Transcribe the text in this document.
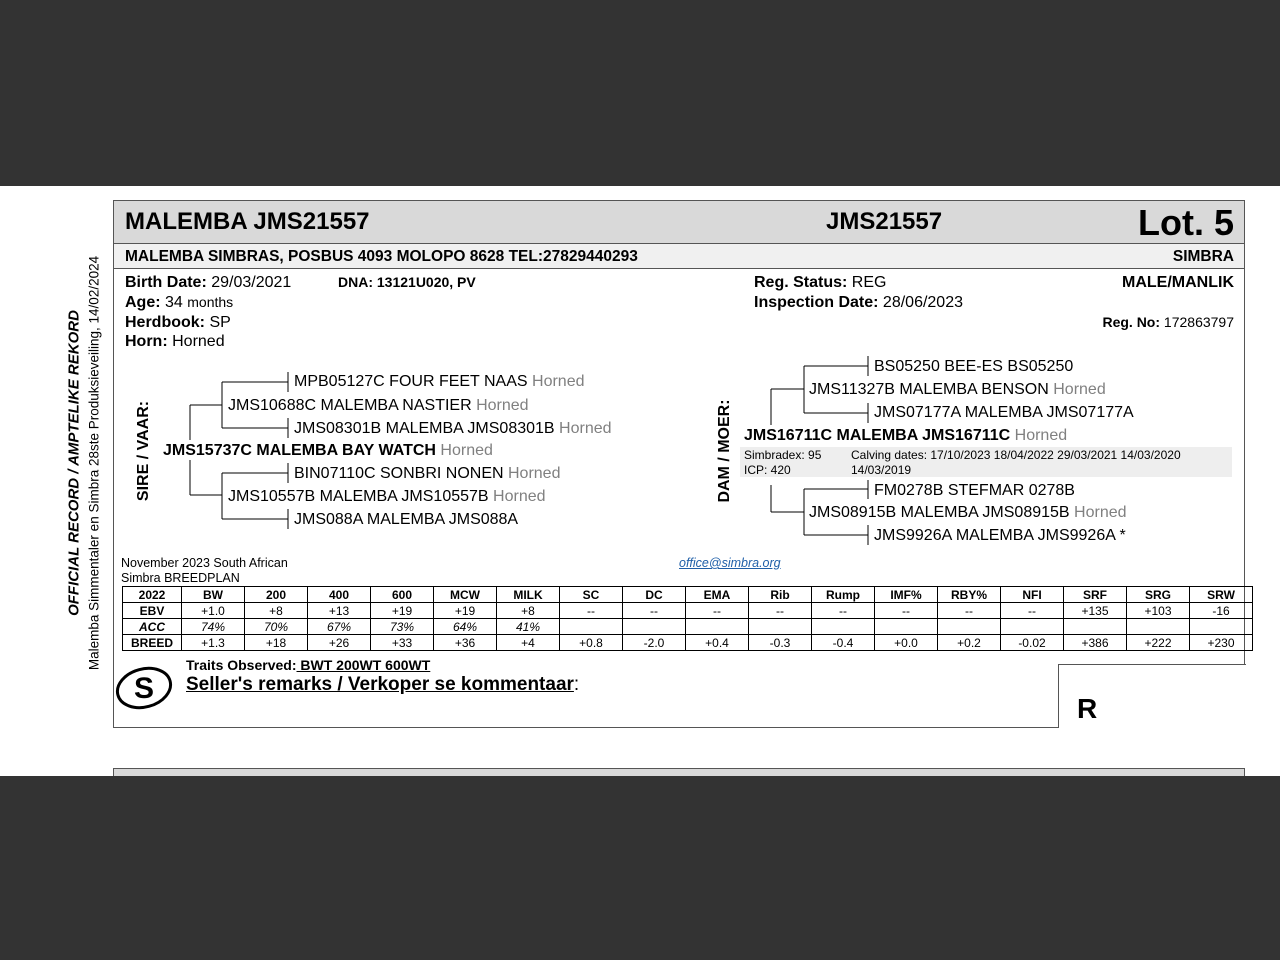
OFFICIAL RECORD / AMPTELIKE REKORD Malemba Simmentaler en Simbra 28ste Produksieveiling, 14/02/2024
MALEMBA JMS21557	JMS21557	Lot. 5
MALEMBA SIMBRAS, POSBUS 4093 MOLOPO 8628 TEL:27829440293	SIMBRA
Birth Date: 29/03/2021	DNA: 13121U020, PV
Age: 34 months
Herdbook: SP
Horn: Horned
Reg. Status: REG
Inspection Date: 28/06/2023
MALE/MANLIK
Reg. No: 172863797
SIRE / VAAR: JMS15737C MALEMBA BAY WATCH Horned
JMS10688C MALEMBA NASTIER Horned
MPB05127C FOUR FEET NAAS Horned
JMS08301B MALEMBA JMS08301B Horned
BIN07110C SONBRI NONEN Horned
JMS10557B MALEMBA JMS10557B Horned
JMS088A MALEMBA JMS088A
DAM / MOER: JMS16711C MALEMBA JMS16711C Horned
BS05250 BEE-ES BS05250
JMS11327B MALEMBA BENSON Horned
JMS07177A MALEMBA JMS07177A
Simbradex: 95
ICP: 420
Calving dates: 17/10/2023 18/04/2022 29/03/2021 14/03/2020
14/03/2019
FM0278B STEFMAR 0278B
JMS08915B MALEMBA JMS08915B Horned
JMS9926A MALEMBA JMS9926A *
November 2023 South African
Simbra BREEDPLAN
office@simbra.org
2022	BW	200	400	600	MCW	MILK	SC	DC	EMA	Rib	Rump	IMF%	RBY%	NFI	SRF	SRG	SRW
EBV	+1.0	+8	+13	+19	+19	+8	--	--	--	--	--	--	--	--	+135	+103	-16
ACC	74%	70%	67%	73%	64%	41%											
BREED	+1.3	+18	+26	+33	+36	+4	+0.8	-2.0	+0.4	-0.3	-0.4	+0.0	+0.2	-0.02	+386	+222	+230
Traits Observed: BWT 200WT 600WT
Seller's remarks / Verkoper se kommentaar:
S
R
